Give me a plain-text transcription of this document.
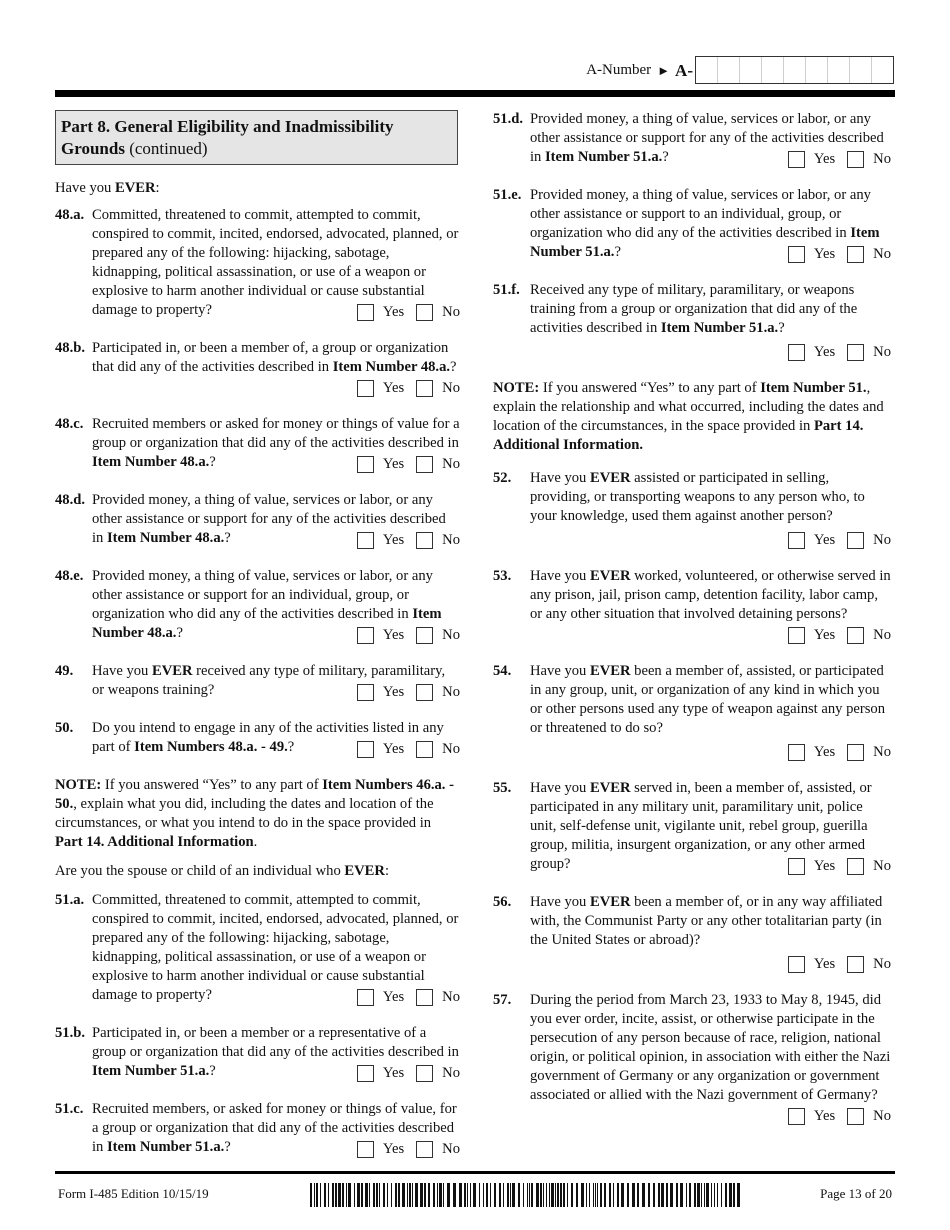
A-Number ► A-
Part 8. General Eligibility and Inadmissibility Grounds (continued)
Have you EVER:
48.a. Committed, threatened to commit, attempted to commit, conspired to commit, incited, endorsed, advocated, planned, or prepared any of the following: hijacking, sabotage, kidnapping, political assassination, or use of a weapon or explosive to harm another individual or cause substantial damage to property?	Yes	No
48.b. Participated in, or been a member of, a group or organization that did any of the activities described in Item Number 48.a.?
Yes	No
48.c. Recruited members or asked for money or things of value for a group or organization that did any of the activities described in Item Number 48.a.?	Yes	No
48.d. Provided money, a thing of value, services or labor, or any other assistance or support for any of the activities described in Item Number 48.a.?	Yes	No
48.e. Provided money, a thing of value, services or labor, or any other assistance or support for an individual, group, or organization who did any of the activities described in Item Number 48.a.?	Yes	No
49.	Have you EVER received any type of military, paramilitary, or weapons training?	Yes	No
50.	Do you intend to engage in any of the activities listed in any part of Item Numbers 48.a. - 49.?	Yes	No
NOTE: If you answered “Yes” to any part of Item Numbers 46.a. - 50., explain what you did, including the dates and location of the circumstances, or what you intend to do in the space provided in Part 14. Additional Information.
Are you the spouse or child of an individual who EVER:
51.a. Committed, threatened to commit, attempted to commit, conspired to commit, incited, endorsed, advocated, planned, or prepared any of the following: hijacking, sabotage, kidnapping, political assassination, or use of a weapon or explosive to harm another individual or cause substantial damage to property?	Yes	No
51.b. Participated in, or been a member or a representative of a group or organization that did any of the activities described in Item Number 51.a.?	Yes	No
51.c. Recruited members, or asked for money or things of value, for a group or organization that did any of the activities described in Item Number 51.a.?	Yes	No
51.d. Provided money, a thing of value, services or labor, or any other assistance or support for any of the activities described in Item Number 51.a.?	Yes	No
51.e. Provided money, a thing of value, services or labor, or any other assistance or support to an individual, group, or organization who did any of the activities described in Item Number 51.a.?	Yes	No
51.f. Received any type of military, paramilitary, or weapons training from a group or organization that did any of the activities described in Item Number 51.a.?
Yes	No
NOTE: If you answered “Yes” to any part of Item Number 51., explain the relationship and what occurred, including the dates and location of the circumstances, in the space provided in Part 14. Additional Information.
52.	Have you EVER assisted or participated in selling, providing, or transporting weapons to any person who, to your knowledge, used them against another person?
Yes	No
53.	Have you EVER worked, volunteered, or otherwise served in any prison, jail, prison camp, detention facility, labor camp, or any other situation that involved detaining persons?
Yes	No
54.	Have you EVER been a member of, assisted, or participated in any group, unit, or organization of any kind in which you or other persons used any type of weapon against any person or threatened to do so?
Yes	No
55.	Have you EVER served in, been a member of, assisted, or participated in any military unit, paramilitary unit, police unit, self-defense unit, vigilante unit, rebel group, guerilla group, militia, insurgent organization, or any other armed group?	Yes	No
56.	Have you EVER been a member of, or in any way affiliated with, the Communist Party or any other totalitarian party (in the United States or abroad)?
Yes	No
57.	During the period from March 23, 1933 to May 8, 1945, did you ever order, incite, assist, or otherwise participate in the persecution of any person because of race, religion, national origin, or political opinion, in association with either the Nazi government of Germany or any organization or government associated or allied with the Nazi government of Germany?
Yes	No
Form I-485 Edition 10/15/19	Page 13 of 20
